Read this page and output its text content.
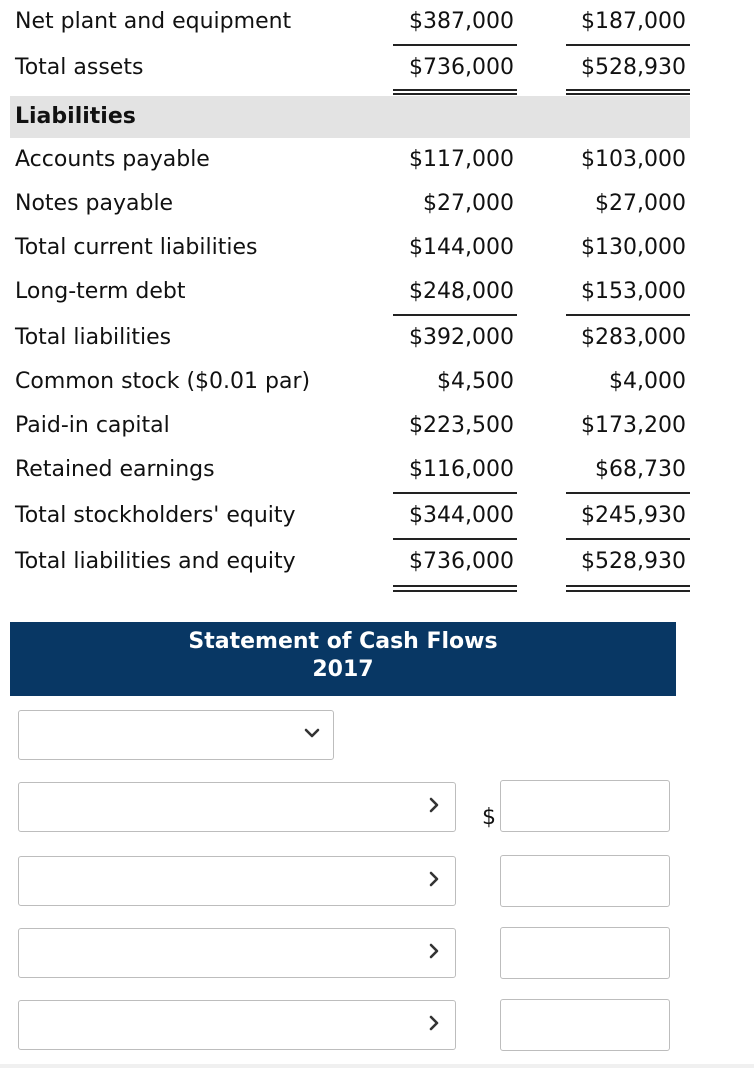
Net plant and equipment	$387,000	$187,000
Total assets	$736,000	$528,930
Liabilities
Accounts payable	$117,000	$103,000
Notes payable	$27,000	$27,000
Total current liabilities	$144,000	$130,000
Long-term debt	$248,000	$153,000
Total liabilities	$392,000	$283,000
Common stock ($0.01 par)	$4,500	$4,000
Paid-in capital	$223,500	$173,200
Retained earnings	$116,000	$68,730
Total stockholders' equity	$344,000	$245,930
Total liabilities and equity	$736,000	$528,930
Statement of Cash Flows
2017
$
